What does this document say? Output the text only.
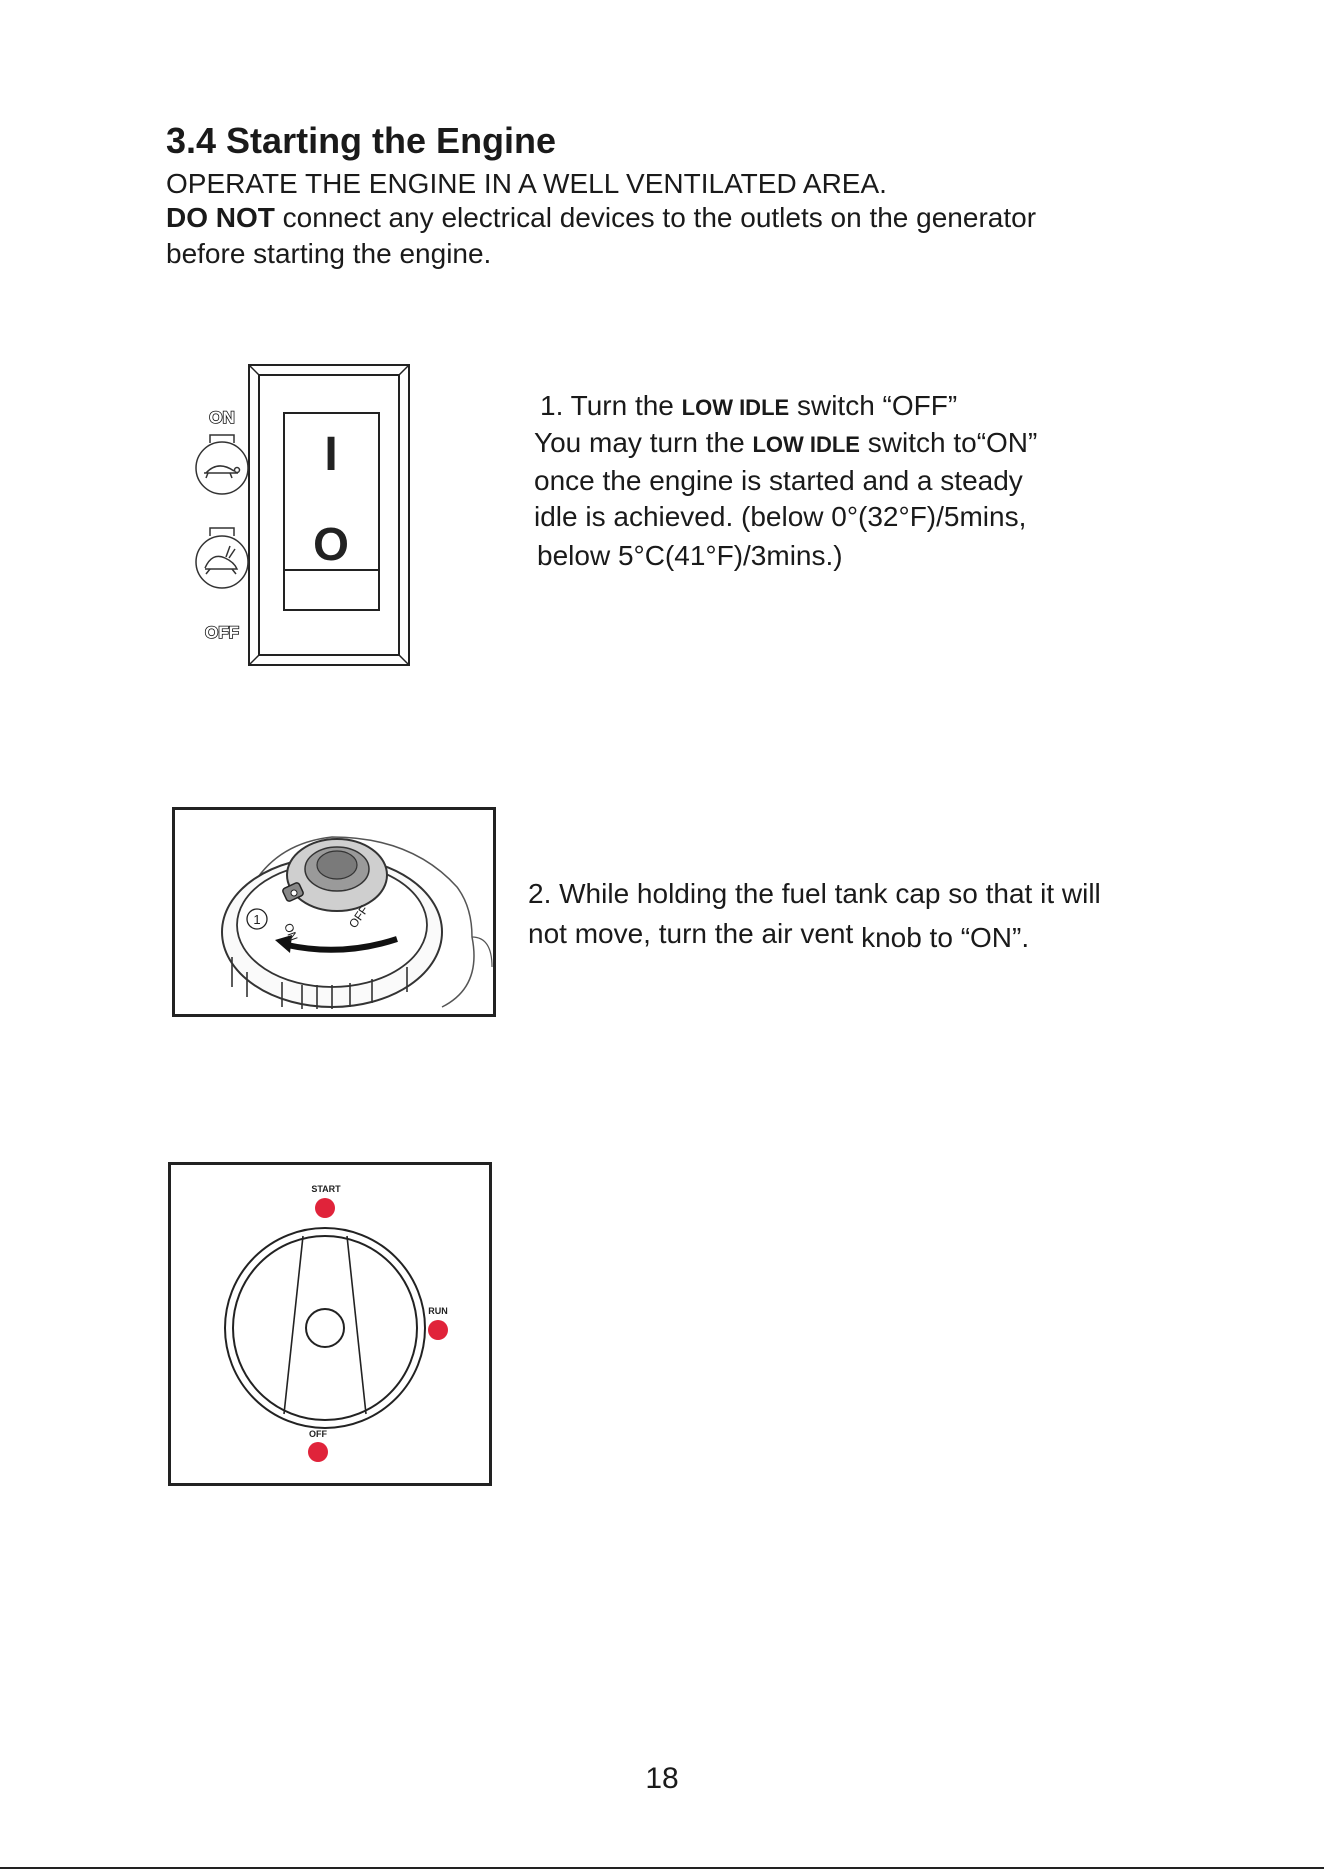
3.4 Starting the Engine
OPERATE THE ENGINE IN A WELL VENTILATED AREA.
DO NOT connect any electrical devices to the outlets on the generator
before starting the engine.
I
O
ON
OFF
1. Turn the LOW IDLE switch “OFF”
You may turn the LOW IDLE switch to“ON”
once the engine is started and a steady
idle is achieved. (below 0°(32°F)/5mins,
below 5°C(41°F)/3mins.)
ON
OFF
1
2. While holding the fuel tank cap so that it will
not move, turn the air vent knob to “ON”.
START
RUN
OFF
18
